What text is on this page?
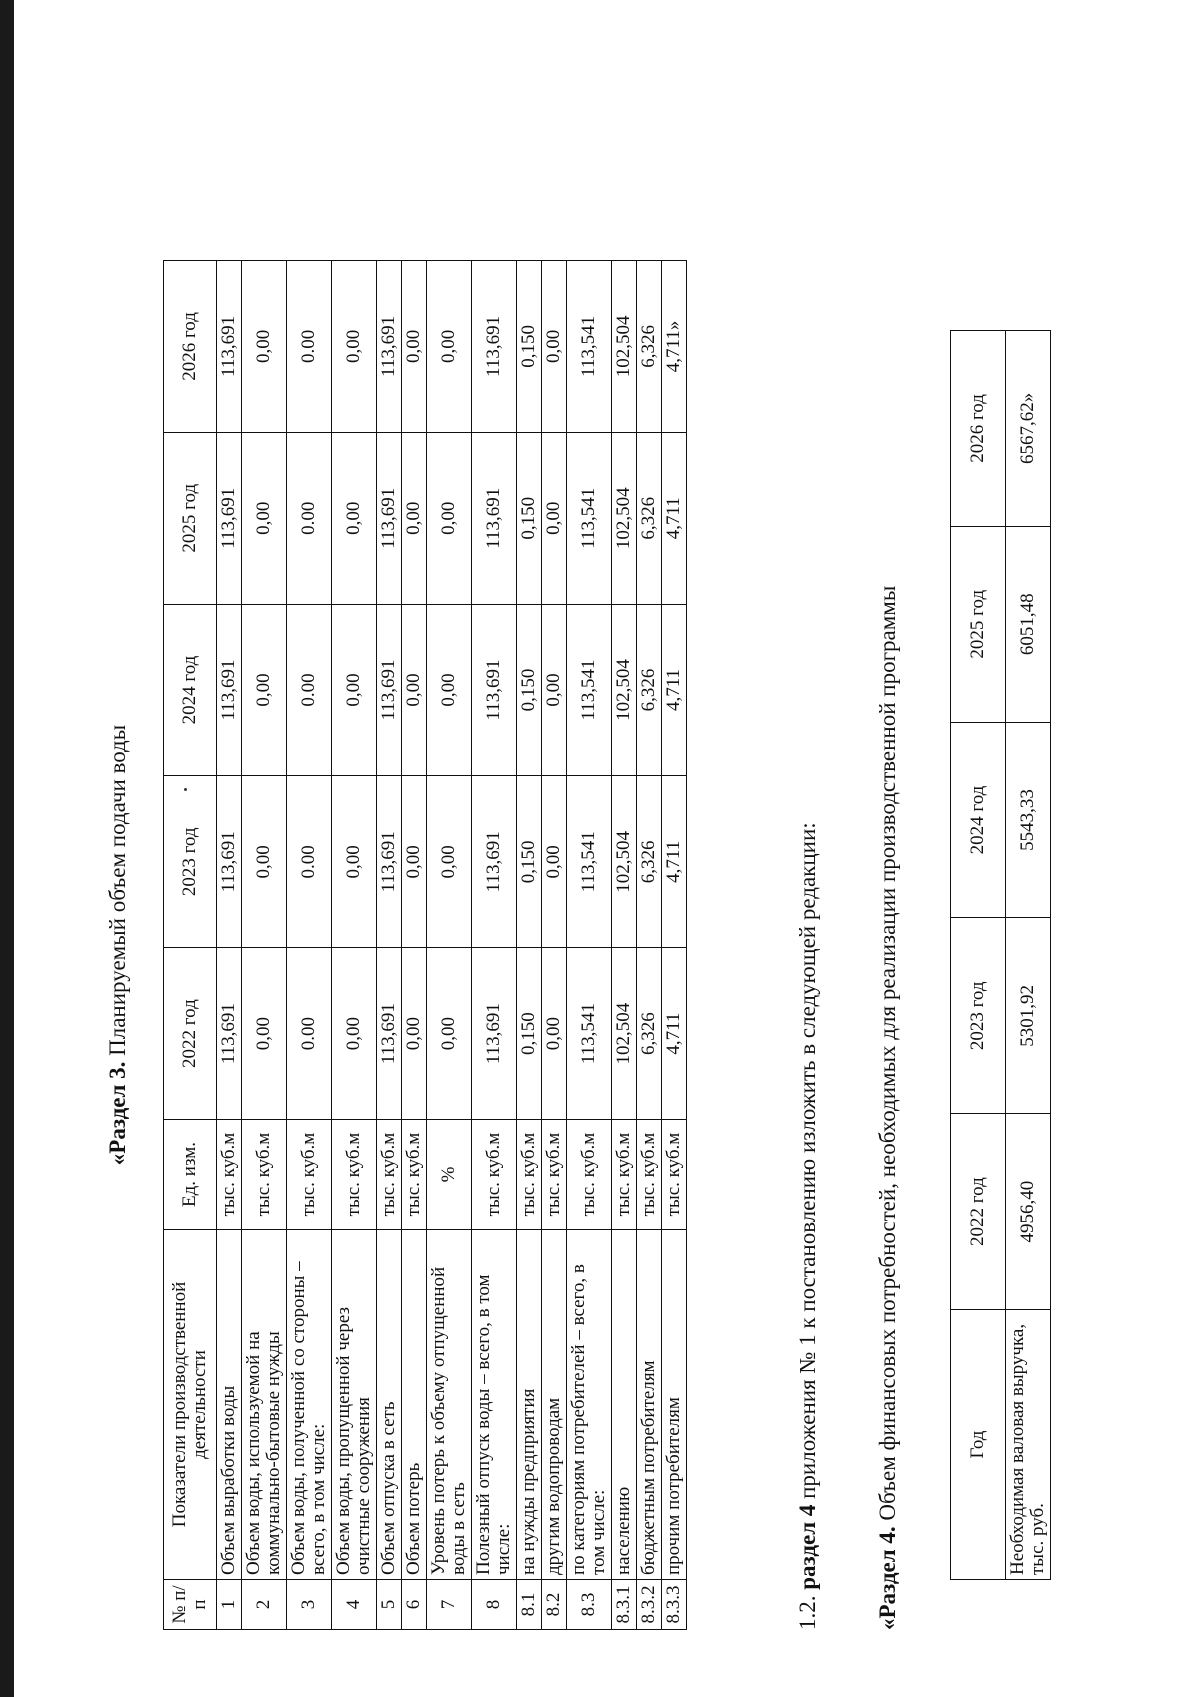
«Раздел 3. Планируемый объем подачи воды
№ п/п	Показатели производственной деятельности	Ед. изм.	2022 год	2023 год	2024 год	2025 год	2026 год
1	Объем выработки воды	тыс. куб.м	113,691	113,691	113,691	113,691	113,691
2	Объем воды, используемой на коммунально-бытовые нужды	тыс. куб.м	0,00	0,00	0,00	0,00	0,00
3	Объем воды, полученной со стороны – всего, в том числе:	тыс. куб.м	0.00	0.00	0.00	0.00	0.00
4	Объем воды, пропущенной через очистные сооружения	тыс. куб.м	0,00	0,00	0,00	0,00	0,00
5	Объем отпуска в сеть	тыс. куб.м	113,691	113,691	113,691	113,691	113,691
6	Объем потерь	тыс. куб.м	0,00	0,00	0,00	0,00	0,00
7	Уровень потерь к объему отпущенной воды в сеть	%	0,00	0,00	0,00	0,00	0,00
8	Полезный отпуск воды – всего, в том числе:	тыс. куб.м	113,691	113,691	113,691	113,691	113,691
8.1	на нужды предприятия	тыс. куб.м	0,150	0,150	0,150	0,150	0,150
8.2	другим водопроводам	тыс. куб.м	0,00	0,00	0,00	0,00	0,00
8.3	по категориям потребителей – всего, в том числе:	тыс. куб.м	113,541	113,541	113,541	113,541	113,541
8.3.1	населению	тыс. куб.м	102,504	102,504	102,504	102,504	102,504
8.3.2	бюджетным потребителям	тыс. куб.м	6,326	6,326	6,326	6,326	6,326
8.3.3	прочим потребителям	тыс. куб.м	4,711	4,711	4,711	4,711	4,711»
1.2. раздел 4 приложения № 1 к постановлению изложить в следующей редакции:
«Раздел 4. Объем финансовых потребностей, необходимых для реализации производственной программы	Год	2022 год	2023 год	2024 год	2025 год	2026 год
Необходимая валовая выручка, тыс. руб.	4956,40	5301,92	5543,33	6051,48	6567,62»
